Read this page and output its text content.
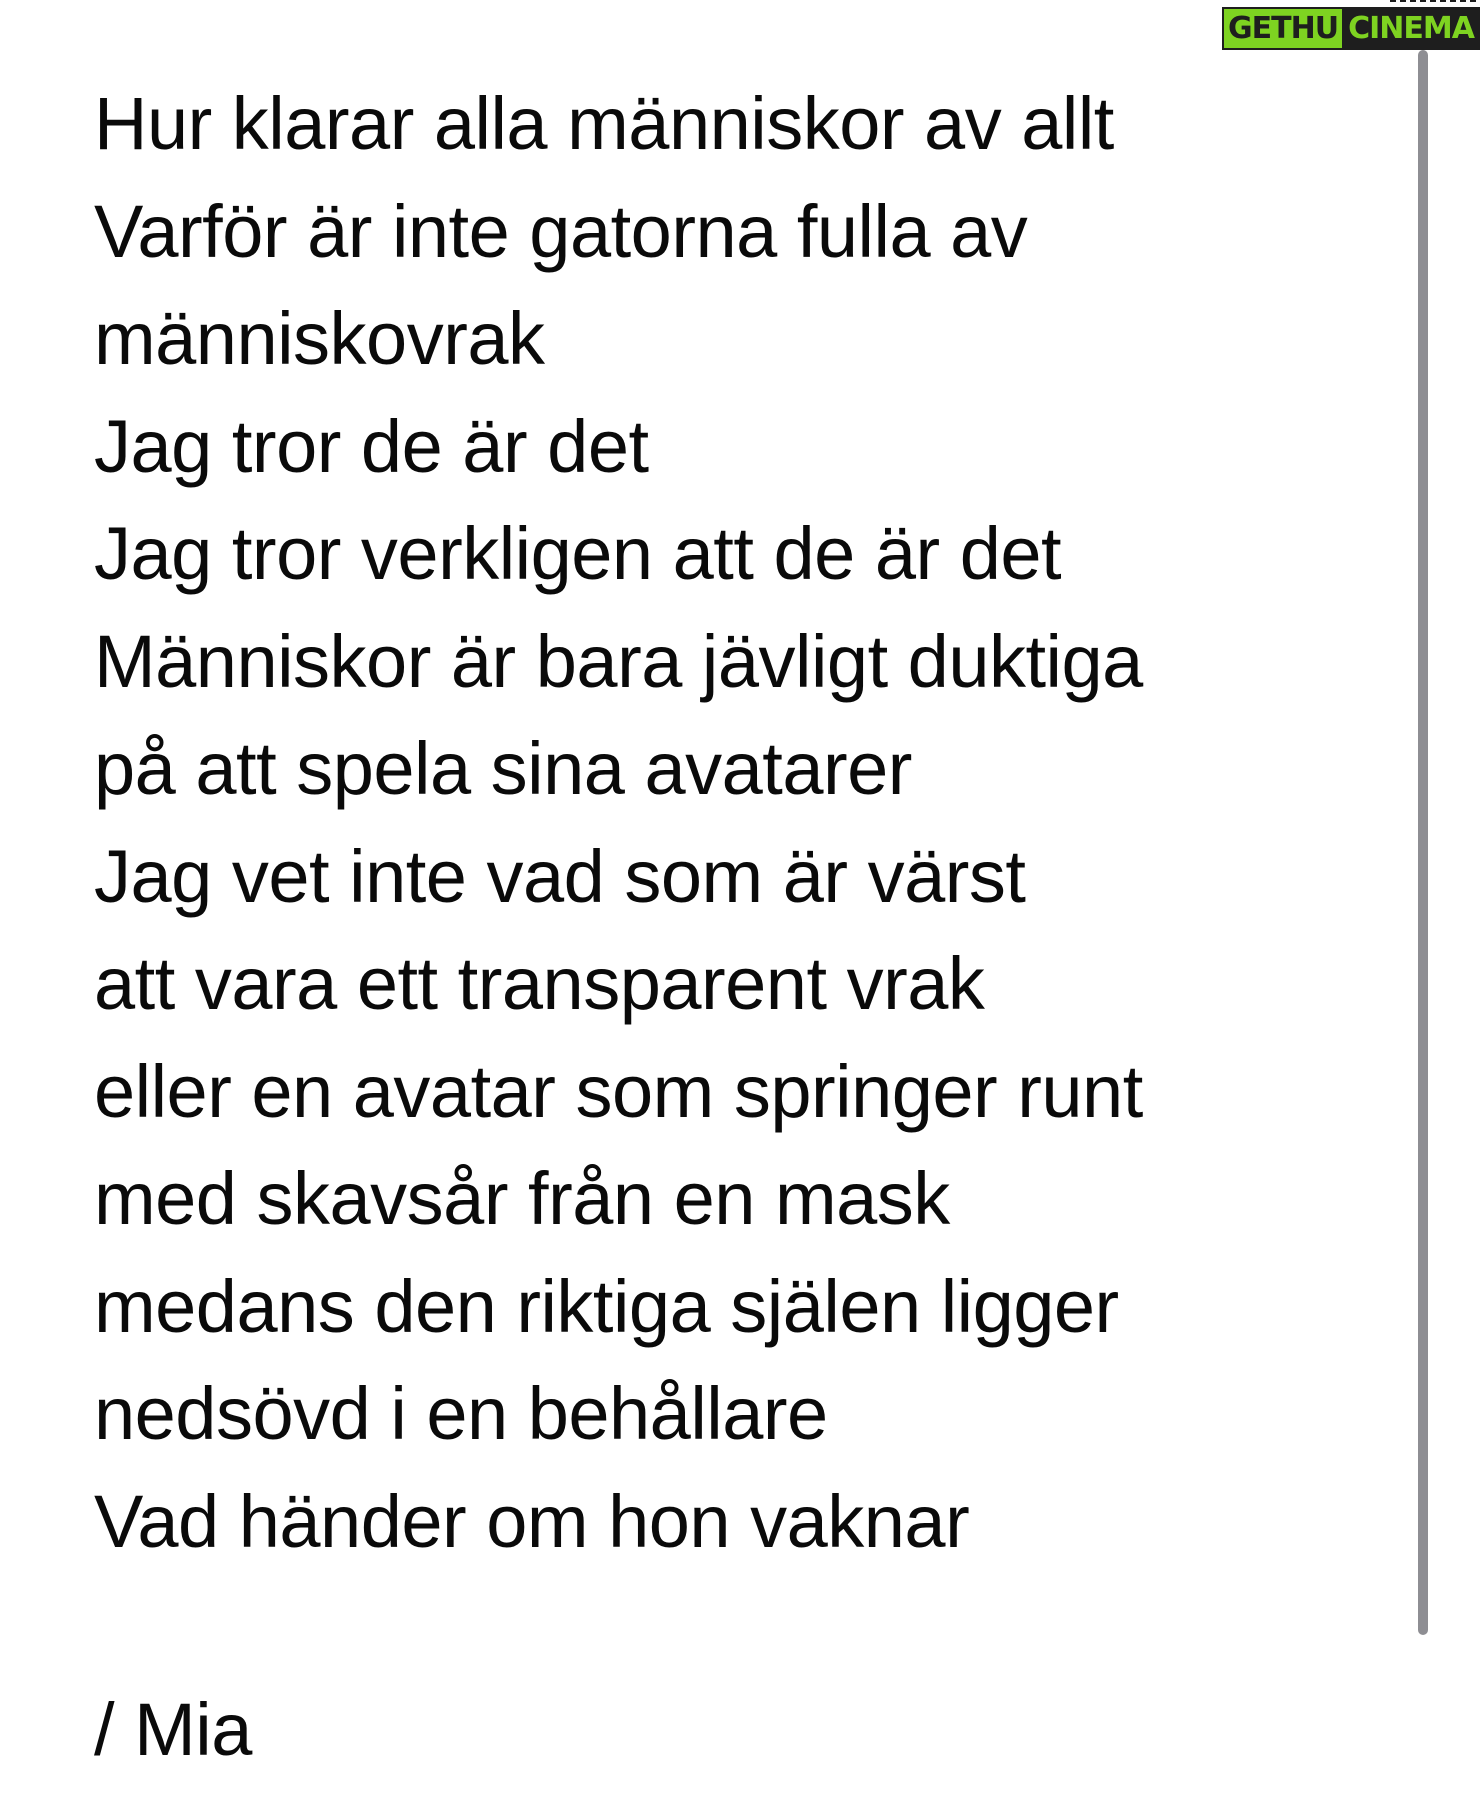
GETHU CINEMA
Hur klarar alla människor av allt
Varför är inte gatorna fulla av
människovrak
Jag tror de är det
Jag tror verkligen att de är det
Människor är bara jävligt duktiga
på att spela sina avatarer
Jag vet inte vad som är värst
att vara ett transparent vrak
eller en avatar som springer runt
med skavsår från en mask
medans den riktiga själen ligger
nedsövd i en behållare
Vad händer om hon vaknar
/ Mia
